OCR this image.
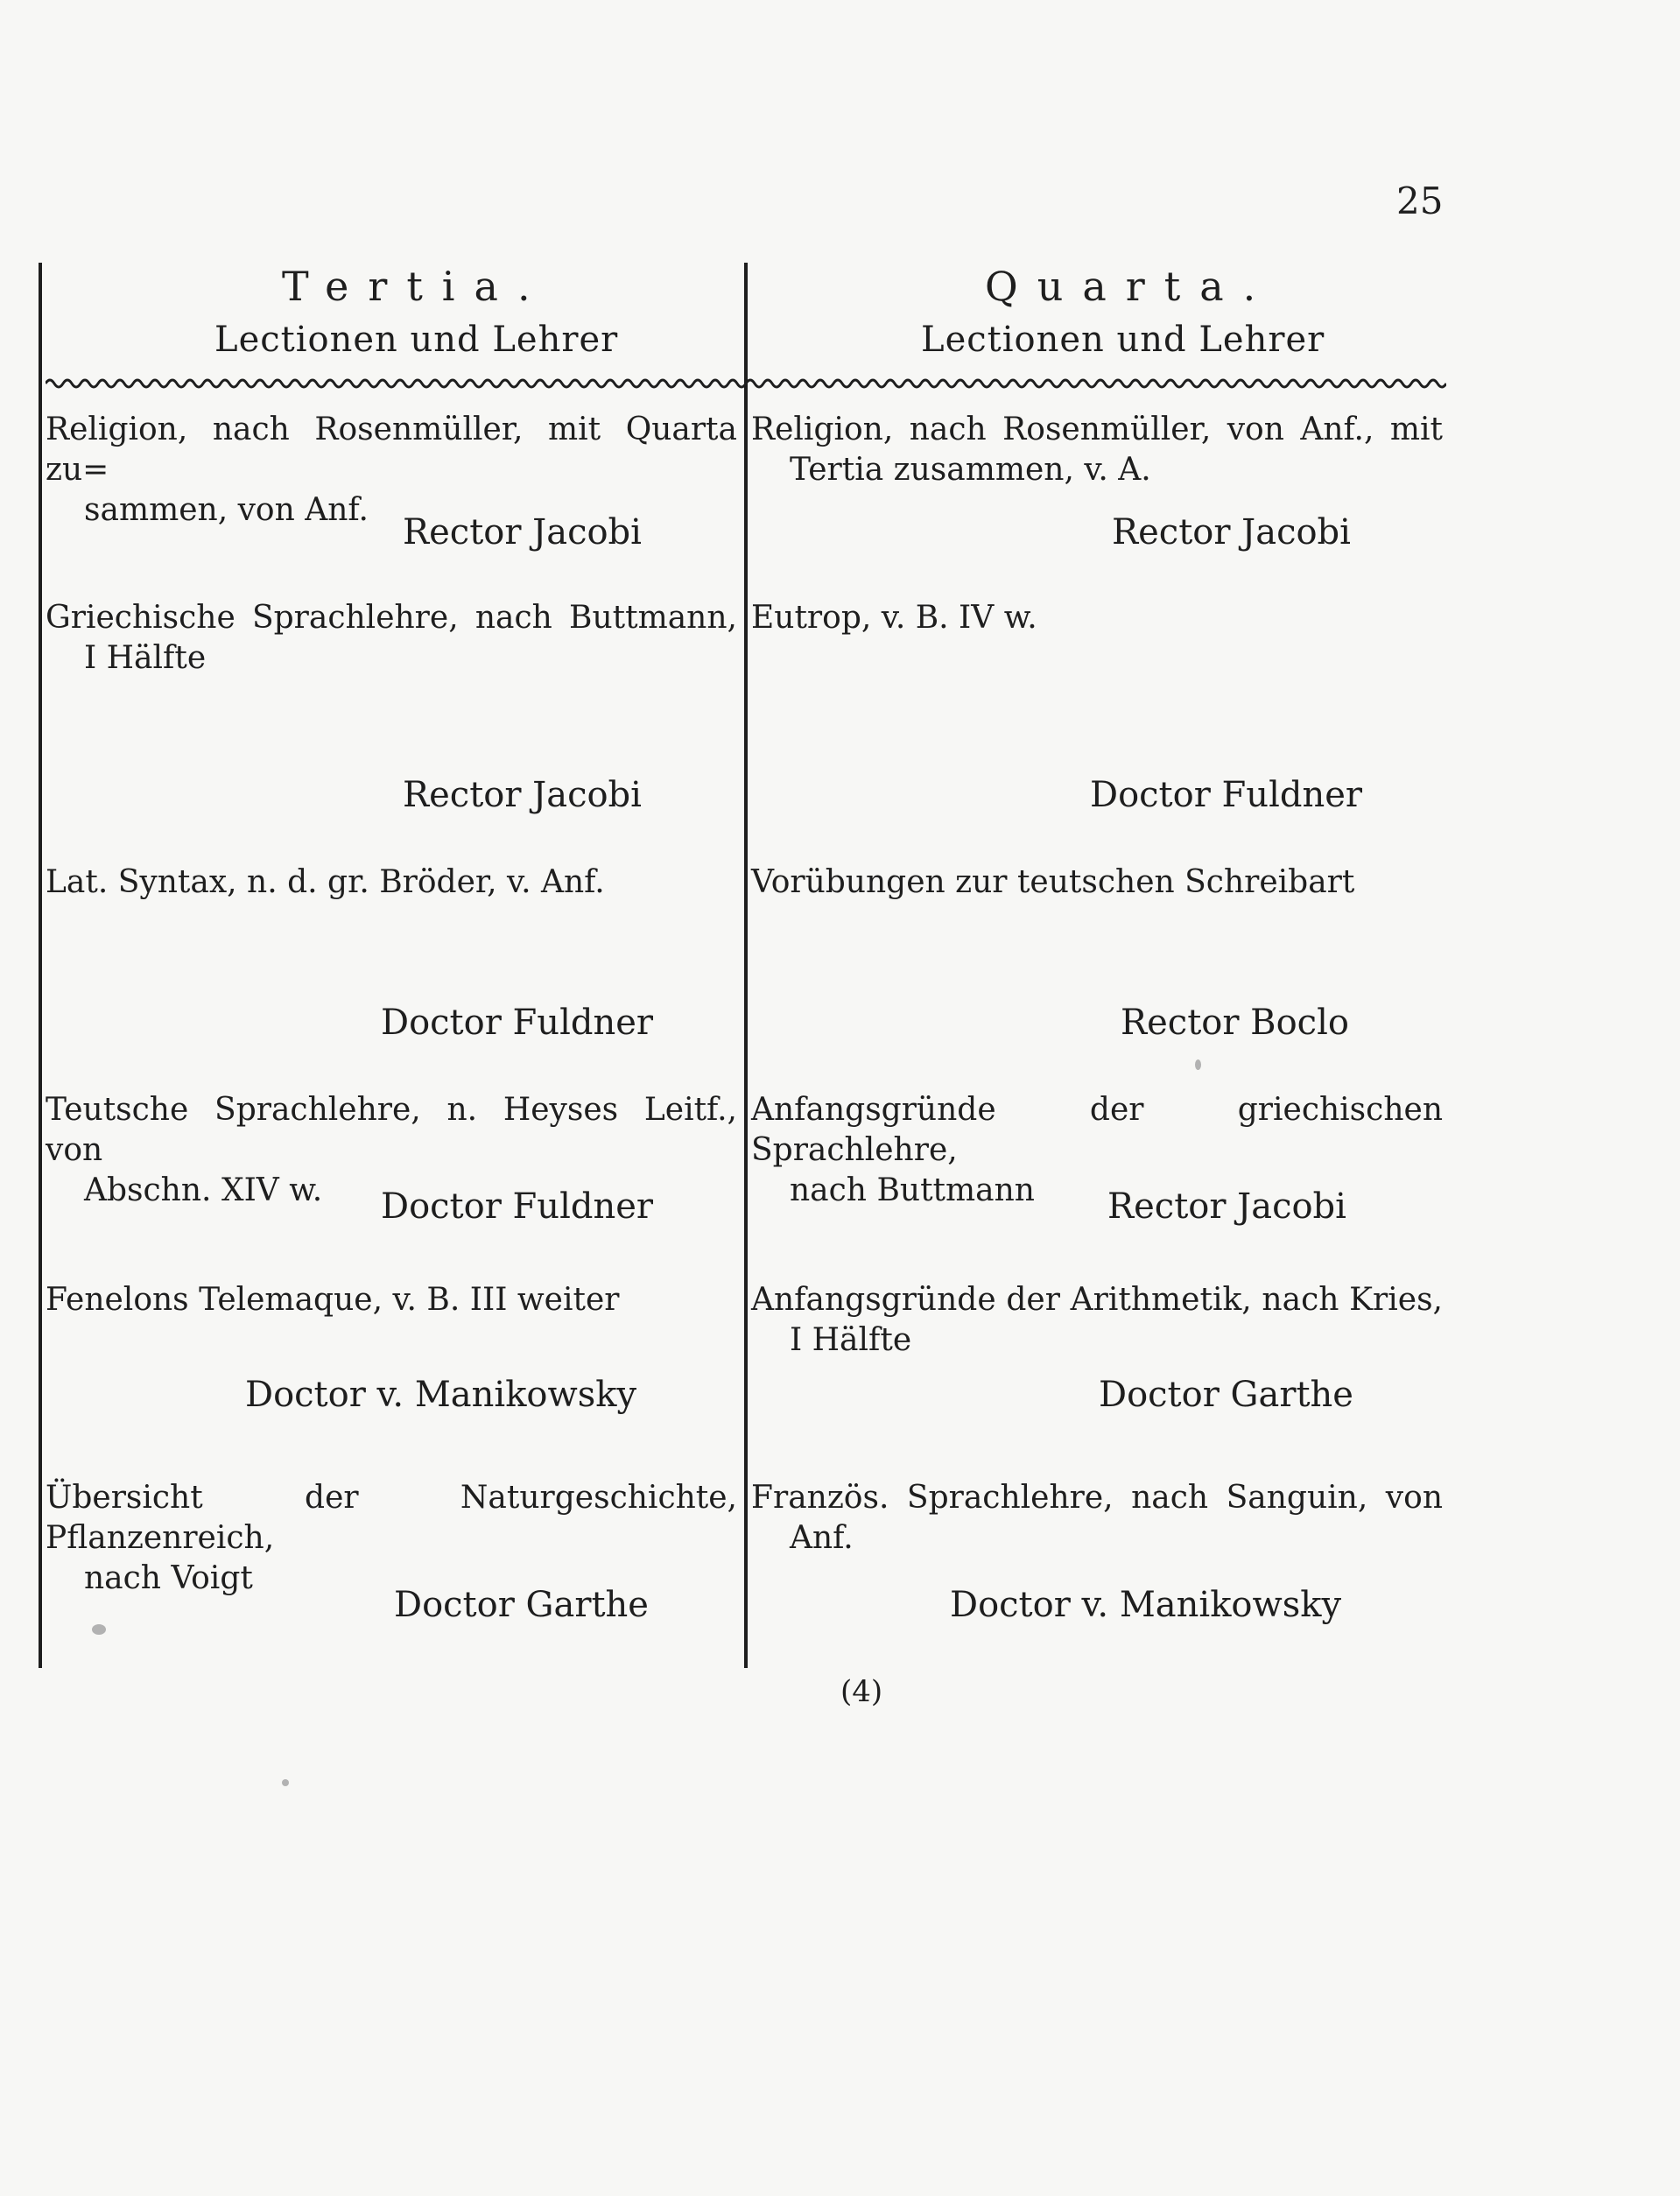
25
Tertia.
Lectionen und Lehrer
Quarta.
Lectionen und Lehrer
Religion, nach Rosenmüller, mit Quarta zu=
sammen, von Anf.
Rector Jacobi
Griechische Sprachlehre, nach Buttmann,
I Hälfte
Rector Jacobi
Lat. Syntax, n. d. gr. Bröder, v. Anf.
Doctor Fuldner
Teutsche Sprachlehre, n. Heyses Leitf., von
Abschn. XIV w.	Doctor Fuldner
Fenelons Telemaque, v. B. III weiter
Doctor v. Manikowsky
Übersicht der Naturgeschichte, Pflanzenreich,
nach Voigt
Doctor Garthe
Religion, nach Rosenmüller, von Anf., mit
Tertia zusammen, v. A.
Rector Jacobi
Eutrop, v. B. IV w.
Doctor Fuldner
Vorübungen zur teutschen Schreibart
Rector Boclo
Anfangsgründe der griechischen Sprachlehre,
nach Buttmann	Rector Jacobi
Anfangsgründe der Arithmetik, nach Kries,
I Hälfte
Doctor Garthe
Französ. Sprachlehre, nach Sanguin, von
Anf.
Doctor v. Manikowsky
(4)
